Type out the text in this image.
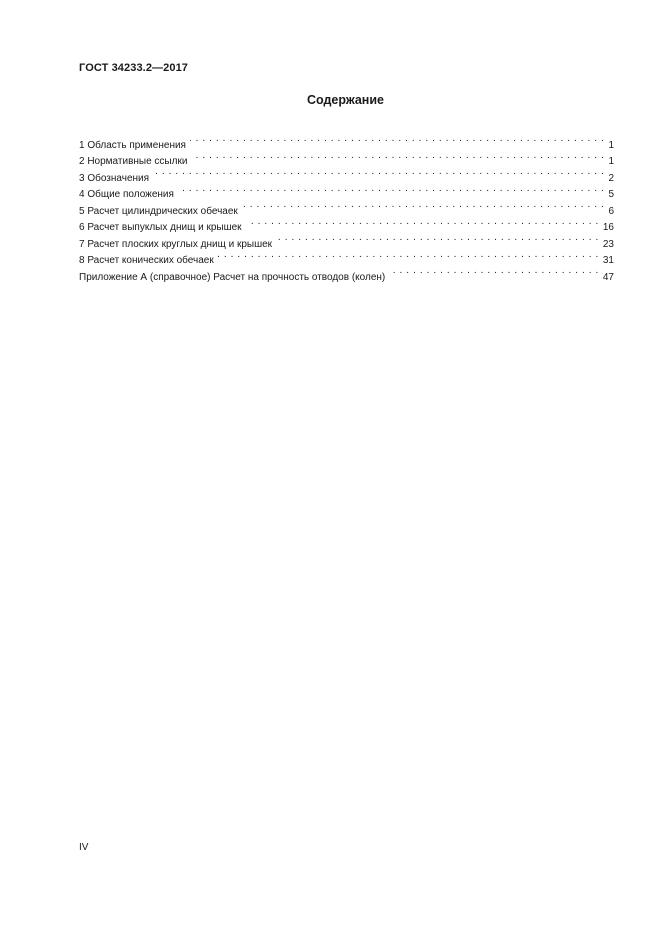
ГОСТ 34233.2—2017
Содержание
1 Область применения . . .	1
2 Нормативные ссылки . . .	1
3 Обозначения . . .	2
4 Общие положения . . .	5
5 Расчет цилиндрических обечаек . . .	6
6 Расчет выпуклых днищ и крышек . . .	16
7 Расчет плоских круглых днищ и крышек . . .	23
8 Расчет конических обечаек . . .	31
Приложение А (справочное) Расчет на прочность отводов (колен) . . .	47
IV
